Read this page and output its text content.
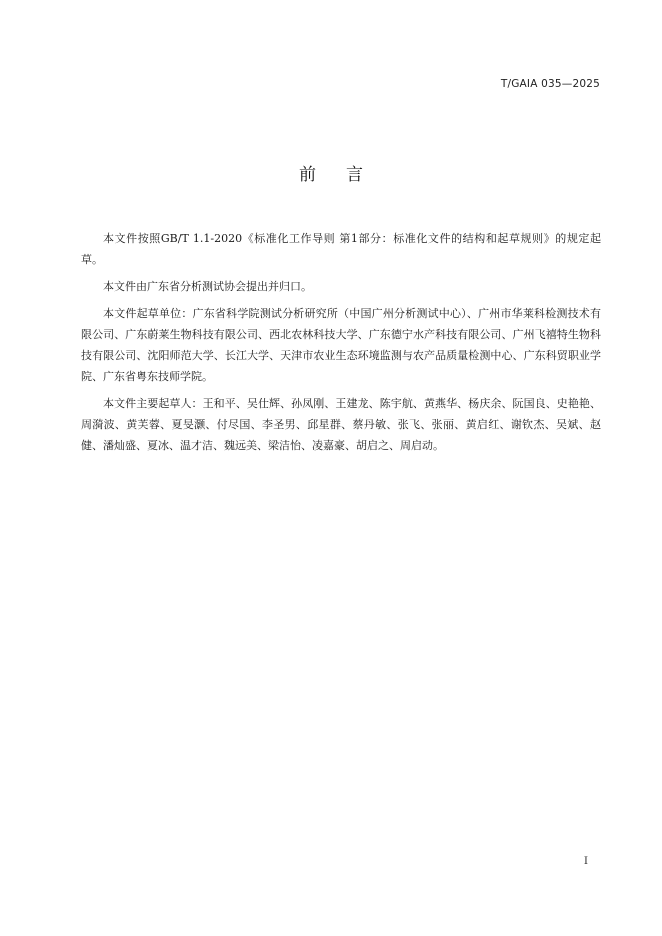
T/GAIA 035—2025
前言

本文件按照GB/T 1.1-2020《标准化工作导则 第1部分：标准化文件的结构和起草规则》的规定起草。

本文件由广东省分析测试协会提出并归口。

本文件起草单位：广东省科学院测试分析研究所（中国广州分析测试中心）、广州市华莱科检测技术有限公司、广东蔚莱生物科技有限公司、西北农林科技大学、广东德宁水产科技有限公司、广州飞禧特生物科技有限公司、沈阳师范大学、长江大学、天津市农业生态环境监测与农产品质量检测中心、广东科贸职业学院、广东省粤东技师学院。

本文件主要起草人：王和平、吴仕辉、孙凤刚、王建龙、陈宇航、黄燕华、杨庆余、阮国良、史艳艳、周漪波、黄芙蓉、夏旻灏、付尽国、李圣男、邱星群、蔡丹敏、张飞、张丽、黄启红、谢钦杰、吴斌、赵健、潘灿盛、夏冰、温才洁、魏远美、梁洁怡、凌嘉豪、胡启之、周启动。

I
